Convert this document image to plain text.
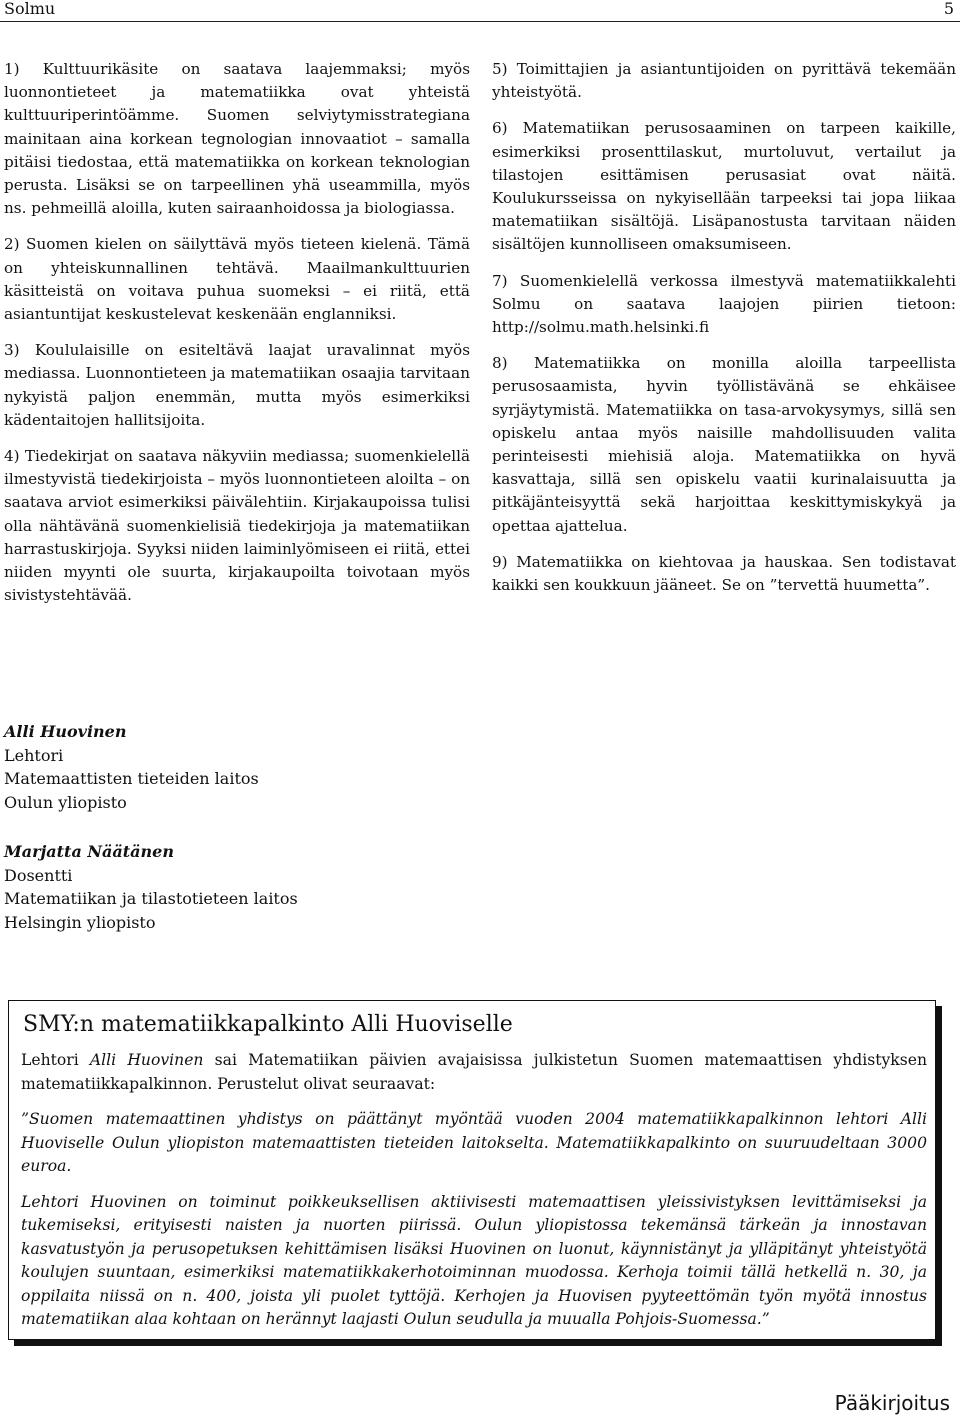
Solmu	5

1) Kulttuurikäsite on saatava laajemmaksi; myös luonnontieteet ja matematiikka ovat yhteistä kulttuuriperintöämme. Suomen selviytymisstrategiana mainitaan aina korkean tegnologian innovaatiot – samalla pitäisi tiedostaa, että matematiikka on korkean teknologian perusta. Lisäksi se on tarpeellinen yhä useammilla, myös ns. pehmeillä aloilla, kuten sairaanhoidossa ja biologiassa.

2) Suomen kielen on säilyttävä myös tieteen kielenä. Tämä on yhteiskunnallinen tehtävä. Maailmankulttuurien käsitteistä on voitava puhua suomeksi – ei riitä, että asiantuntijat keskustelevat keskenään englanniksi.

3) Koululaisille on esiteltävä laajat uravalinnat myös mediassa. Luonnontieteen ja matematiikan osaajia tarvitaan nykyistä paljon enemmän, mutta myös esimerkiksi kädentaitojen hallitsijoita.

4) Tiedekirjat on saatava näkyviin mediassa; suomenkielellä ilmestyvistä tiedekirjoista – myös luonnontieteen aloilta – on saatava arviot esimerkiksi päivälehtiin. Kirjakaupoissa tulisi olla nähtävänä suomenkielisiä tiedekirjoja ja matematiikan harrastuskirjoja. Syyksi niiden laiminlyömiseen ei riitä, ettei niiden myynti ole suurta, kirjakaupoilta toivotaan myös sivistystehtävää.

5) Toimittajien ja asiantuntijoiden on pyrittävä tekemään yhteistyötä.

6) Matematiikan perusosaaminen on tarpeen kaikille, esimerkiksi prosenttilaskut, murtoluvut, vertailut ja tilastojen esittämisen perusasiat ovat näitä. Koulukursseissa on nykyisellään tarpeeksi tai jopa liikaa matematiikan sisältöjä. Lisäpanostusta tarvitaan näiden sisältöjen kunnolliseen omaksumiseen.

7) Suomenkielellä verkossa ilmestyvä matematiikkalehti Solmu on saatava laajojen piirien tietoon: http://solmu.math.helsinki.fi

8) Matematiikka on monilla aloilla tarpeellista perusosaamista, hyvin työllistävänä se ehkäisee syrjäytymistä. Matematiikka on tasa-arvokysymys, sillä sen opiskelu antaa myös naisille mahdollisuuden valita perinteisesti miehisiä aloja. Matematiikka on hyvä kasvattaja, sillä sen opiskelu vaatii kurinalaisuutta ja pitkäjänteisyyttä sekä harjoittaa keskittymiskykyä ja opettaa ajattelua.

9) Matematiikka on kiehtovaa ja hauskaa. Sen todistavat kaikki sen koukkuun jääneet. Se on ”tervettä huumetta”.

Alli Huovinen
Lehtori
Matemaattisten tieteiden laitos
Oulun yliopisto
Marjatta Näätänen
Dosentti
Matematiikan ja tilastotieteen laitos
Helsingin yliopisto
SMY:n matematiikkapalkinto Alli Huoviselle

Lehtori Alli Huovinen sai Matematiikan päivien avajaisissa julkistetun Suomen matemaattisen yhdistyksen matematiikkapalkinnon. Perustelut olivat seuraavat:

”Suomen matemaattinen yhdistys on päättänyt myöntää vuoden 2004 matematiikkapalkinnon lehtori Alli Huoviselle Oulun yliopiston matemaattisten tieteiden laitokselta. Matematiikkapalkinto on suuruudeltaan 3000 euroa.

Lehtori Huovinen on toiminut poikkeuksellisen aktiivisesti matemaattisen yleissivistyksen levittämiseksi ja tukemiseksi, erityisesti naisten ja nuorten piirissä. Oulun yliopistossa tekemänsä tärkeän ja innostavan kasvatustyön ja perusopetuksen kehittämisen lisäksi Huovinen on luonut, käynnistänyt ja ylläpitänyt yhteistyötä koulujen suuntaan, esimerkiksi matematiikkakerhotoiminnan muodossa. Kerhoja toimii tällä hetkellä n. 30, ja oppilaita niissä on n. 400, joista yli puolet tyttöjä. Kerhojen ja Huovisen pyyteettömän työn myötä innostus matematiikan alaa kohtaan on herännyt laajasti Oulun seudulla ja muualla Pohjois-Suomessa.”

Pääkirjoitus
